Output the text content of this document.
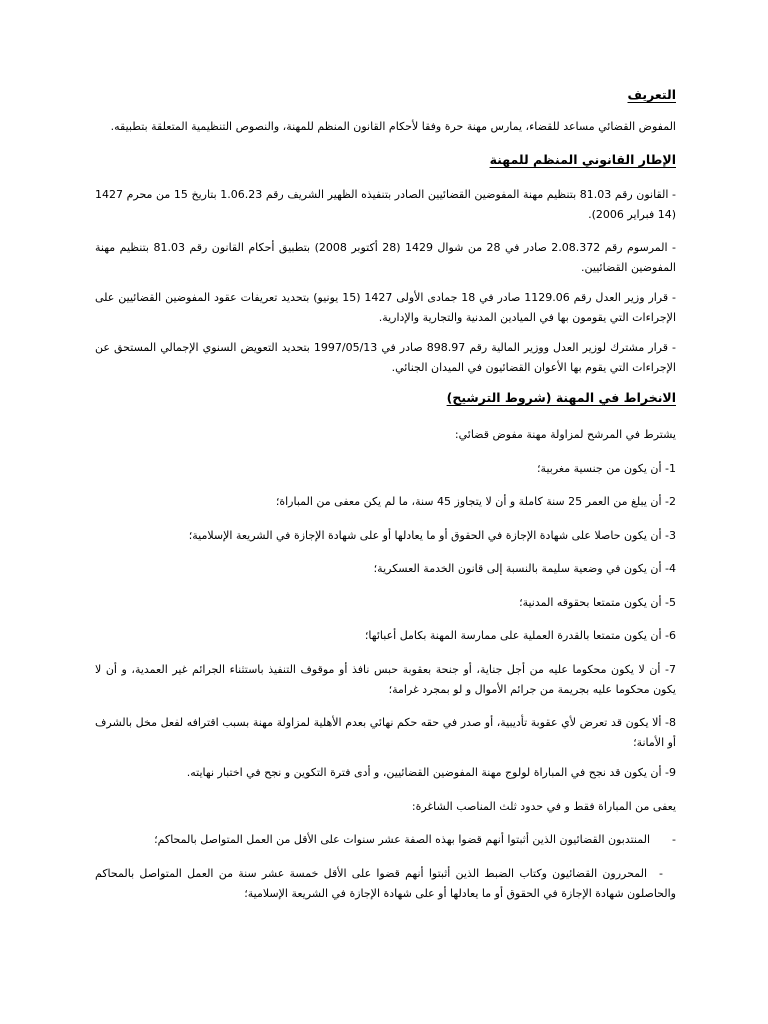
التعريف

المفوض القضائي مساعد للقضاء، يمارس مهنة حرة وفقا لأحكام القانون المنظم للمهنة، والنصوص التنظيمية المتعلقة بتطبيقه.

الإطار القانوني المنظم للمهنة

- القانون رقم 81.03 بتنظيم مهنة المفوضين القضائيين الصادر بتنفيذه الظهير الشريف رقم 1.06.23 بتاريخ 15 من محرم 1427 (14 فبراير 2006).

- المرسوم رقم 2.08.372 صادر في 28 من شوال 1429 (28 أكتوبر 2008) بتطبيق أحكام القانون رقم 81.03 بتنظيم مهنة المفوضين القضائيين.

- قرار وزير العدل رقم 1129.06 صادر في 18 جمادى الأولى 1427 (15 يونيو) بتحديد تعريفات عقود المفوضين القضائيين على الإجراءات التي يقومون بها في الميادين المدنية والتجارية والإدارية.

- قرار مشترك لوزير العدل ووزير المالية رقم 898.97 صادر في 1997/05/13 بتحديد التعويض السنوي الإجمالي المستحق عن الإجراءات التي يقوم بها الأعوان القضائيون في الميدان الجنائي.

الانخراط في المهنة (شروط الترشيح)

يشترط في المرشح لمزاولة مهنة مفوض قضائي:

1- أن يكون من جنسية مغربية؛

2- أن يبلغ من العمر 25 سنة كاملة و أن لا يتجاوز 45 سنة، ما لم يكن معفى من المباراة؛

3- أن يكون حاصلا على شهادة الإجازة في الحقوق أو ما يعادلها أو على شهادة الإجازة في الشريعة الإسلامية؛

4- أن يكون في وضعية سليمة بالنسبة إلى قانون الخدمة العسكرية؛

5- أن يكون متمتعا بحقوقه المدنية؛

6- أن يكون متمتعا بالقدرة العملية على ممارسة المهنة بكامل أعبائها؛

7- أن لا يكون محكوما عليه من أجل جناية، أو جنحة بعقوبة حبس نافذ أو موقوف التنفيذ باستثناء الجرائم غير العمدية، و أن لا يكون محكوما عليه بجريمة من جرائم الأموال و لو بمجرد غرامة؛

8- ألا يكون قد تعرض لأي عقوبة تأديبية، أو صدر في حقه حكم نهائي بعدم الأهلية لمزاولة مهنة بسبب اقترافه لفعل مخل بالشرف أو الأمانة؛

9- أن يكون قد نجح في المباراة لولوج مهنة المفوضين القضائيين، و أدى فترة التكوين و نجح في اختبار نهايته.

يعفى من المباراة فقط و في حدود ثلث المناصب الشاغرة:

-المنتدبون القضائيون الذين أثبتوا أنهم قضوا بهذه الصفة عشر سنوات على الأقل من العمل المتواصل بالمحاكم؛

-المحررون القضائيون وكتاب الضبط الذين أثبتوا أنهم قضوا على الأقل خمسة عشر سنة من العمل المتواصل بالمحاكم والحاصلون شهادة الإجازة في الحقوق أو ما يعادلها أو على شهادة الإجازة في الشريعة الإسلامية؛
